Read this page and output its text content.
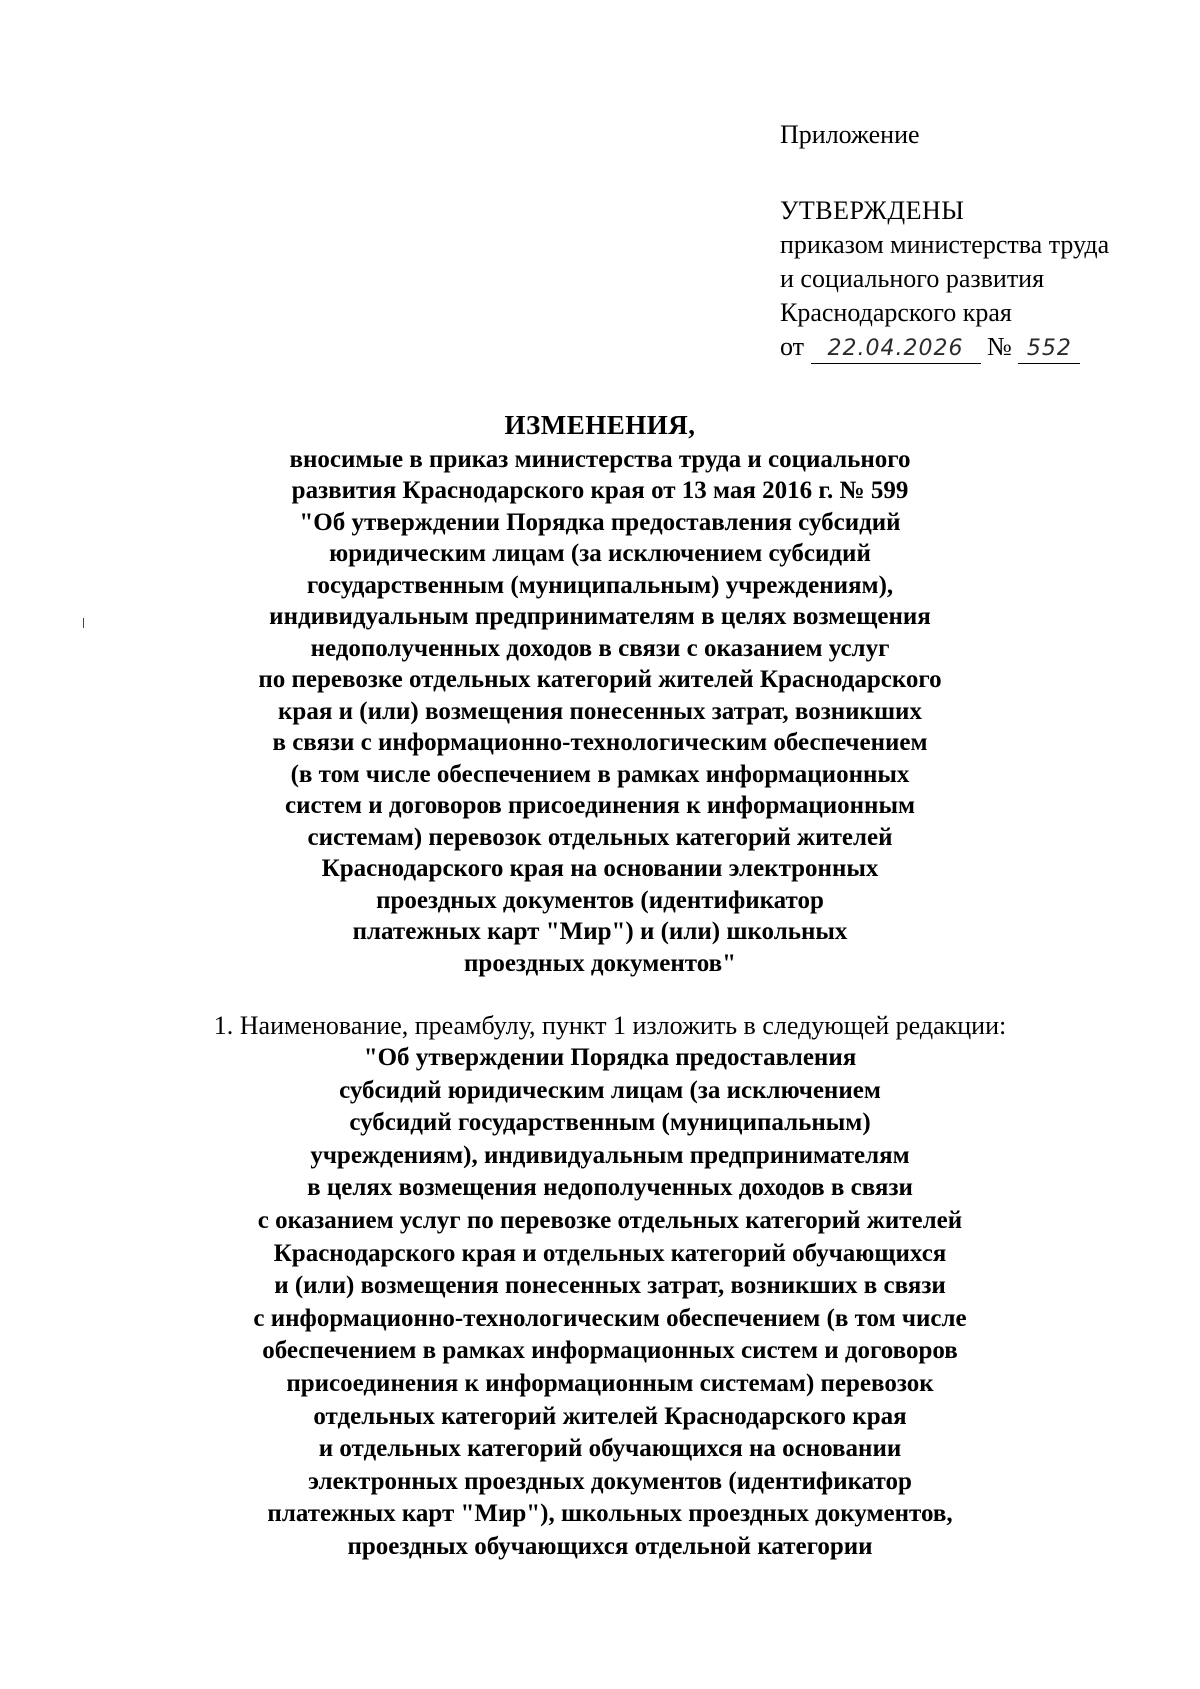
Приложение
УТВЕРЖДЕНЫ
приказом министерства труда
и социального развития
Краснодарского края
от 22.04.2026 № 552
ИЗМЕНЕНИЯ,
вносимые в приказ министерства труда и социального
развития Краснодарского края от 13 мая 2016 г. № 599
"Об утверждении Порядка предоставления субсидий
юридическим лицам (за исключением субсидий
государственным (муниципальным) учреждениям),
индивидуальным предпринимателям в целях возмещения
недополученных доходов в связи с оказанием услуг
по перевозке отдельных категорий жителей Краснодарского
края и (или) возмещения понесенных затрат, возникших
в связи с информационно-технологическим обеспечением
(в том числе обеспечением в рамках информационных
систем и договоров присоединения к информационным
системам) перевозок отдельных категорий жителей
Краснодарского края на основании электронных
проездных документов (идентификатор
платежных карт "Мир") и (или) школьных
проездных документов"
1. Наименование, преамбулу, пункт 1 изложить в следующей редакции:
"Об утверждении Порядка предоставления
субсидий юридическим лицам (за исключением
субсидий государственным (муниципальным)
учреждениям), индивидуальным предпринимателям
в целях возмещения недополученных доходов в связи
с оказанием услуг по перевозке отдельных категорий жителей
Краснодарского края и отдельных категорий обучающихся
и (или) возмещения понесенных затрат, возникших в связи
с информационно-технологическим обеспечением (в том числе
обеспечением в рамках информационных систем и договоров
присоединения к информационным системам) перевозок
отдельных категорий жителей Краснодарского края
и отдельных категорий обучающихся на основании
электронных проездных документов (идентификатор
платежных карт "Мир"), школьных проездных документов,
проездных обучающихся отдельной категории
